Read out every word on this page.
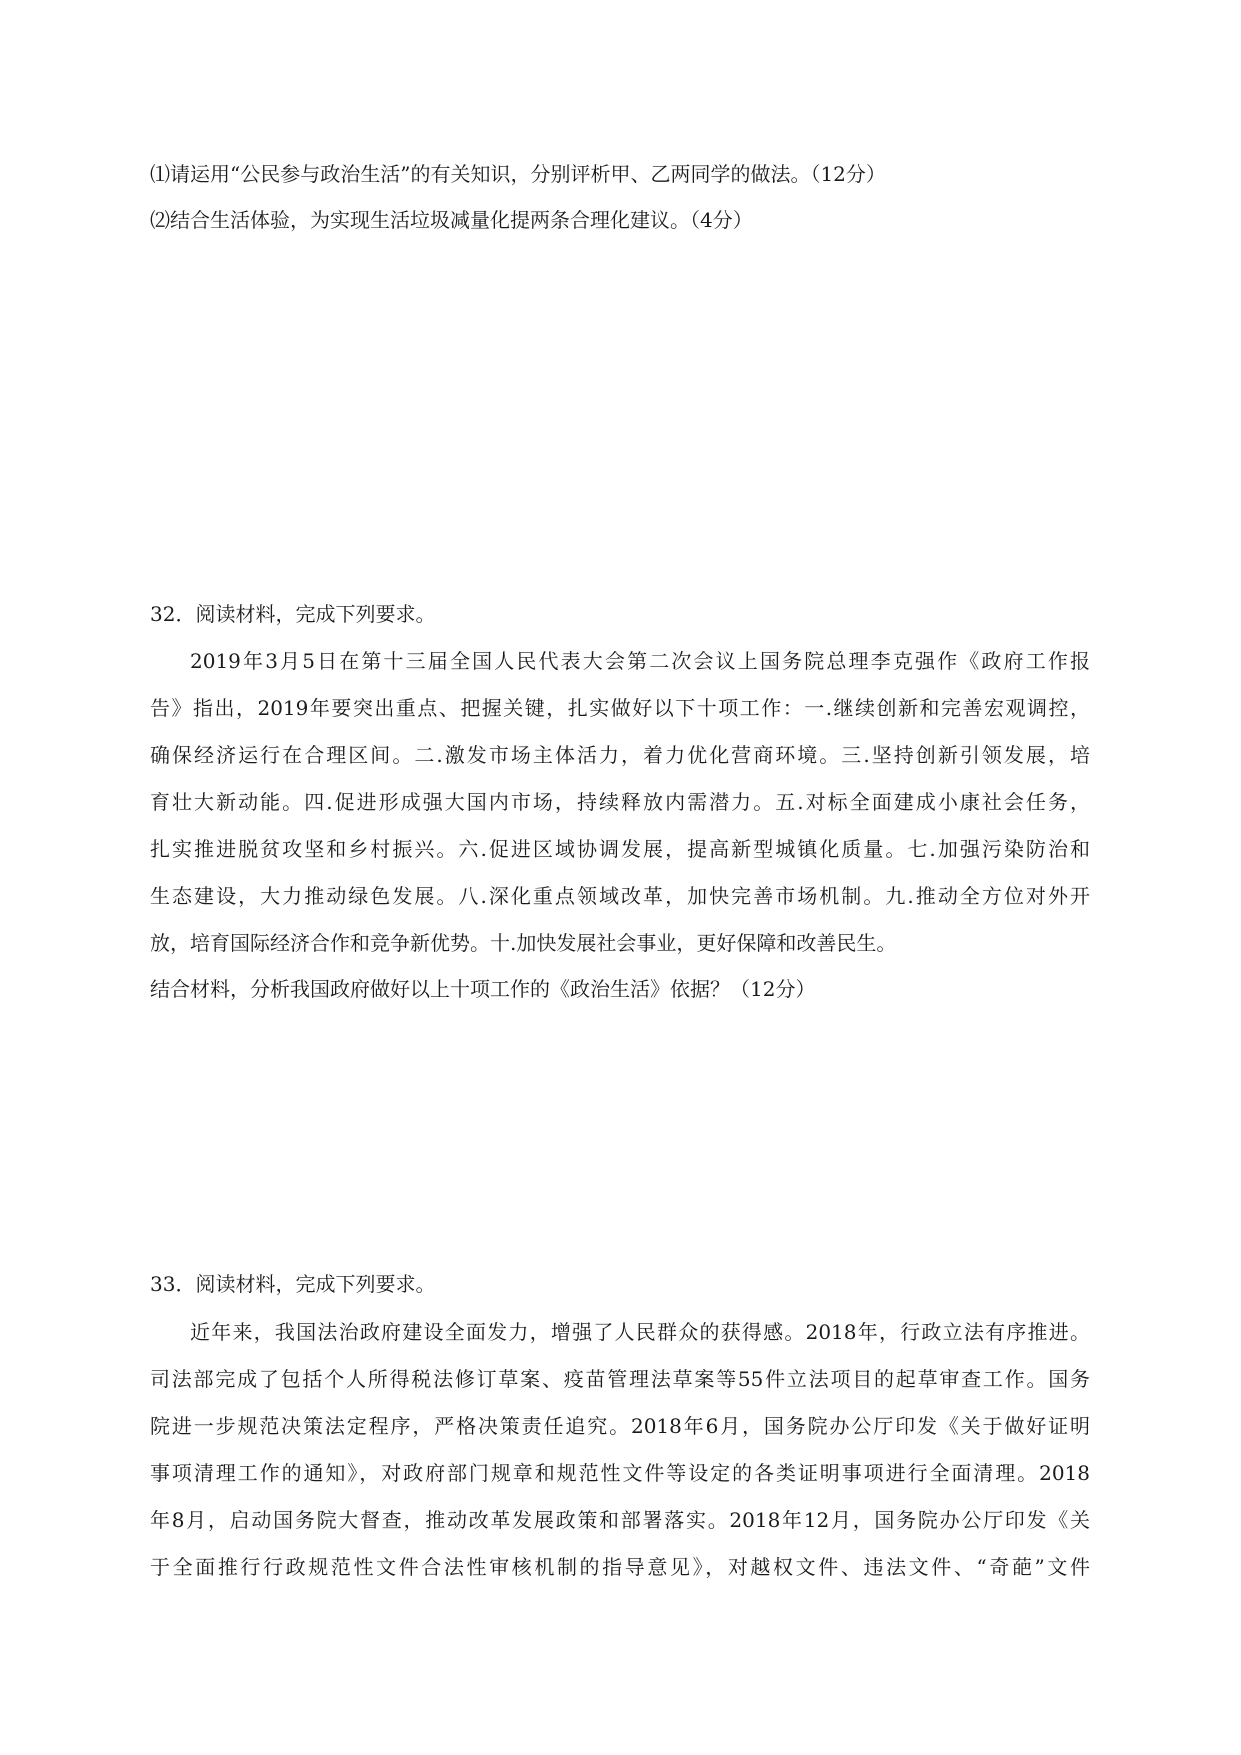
⑴请运用“公民参与政治生活”的有关知识，分别评析甲、乙两同学的做法。（12分）
⑵结合生活体验，为实现生活垃圾减量化提两条合理化建议。（4分）
32．阅读材料，完成下列要求。
2019年3月5日在第十三届全国人民代表大会第二次会议上国务院总理李克强作《政府工作报
告》指出，2019年要突出重点、把握关键，扎实做好以下十项工作：一.继续创新和完善宏观调控，
确保经济运行在合理区间。二.激发市场主体活力，着力优化营商环境。三.坚持创新引领发展，培
育壮大新动能。四.促进形成强大国内市场，持续释放内需潜力。五.对标全面建成小康社会任务，
扎实推进脱贫攻坚和乡村振兴。六.促进区域协调发展，提高新型城镇化质量。七.加强污染防治和
生态建设，大力推动绿色发展。八.深化重点领域改革，加快完善市场机制。九.推动全方位对外开
放，培育国际经济合作和竞争新优势。十.加快发展社会事业，更好保障和改善民生。
结合材料，分析我国政府做好以上十项工作的《政治生活》依据？（12分）
33．阅读材料，完成下列要求。
近年来，我国法治政府建设全面发力，增强了人民群众的获得感。2018年，行政立法有序推进。
司法部完成了包括个人所得税法修订草案、疫苗管理法草案等55件立法项目的起草审查工作。国务
院进一步规范决策法定程序，严格决策责任追究。2018年6月，国务院办公厅印发《关于做好证明
事项清理工作的通知》，对政府部门规章和规范性文件等设定的各类证明事项进行全面清理。2018
年8月，启动国务院大督查，推动改革发展政策和部署落实。2018年12月，国务院办公厅印发《关
于全面推行行政规范性文件合法性审核机制的指导意见》，对越权文件、违法文件、“奇葩”文件
